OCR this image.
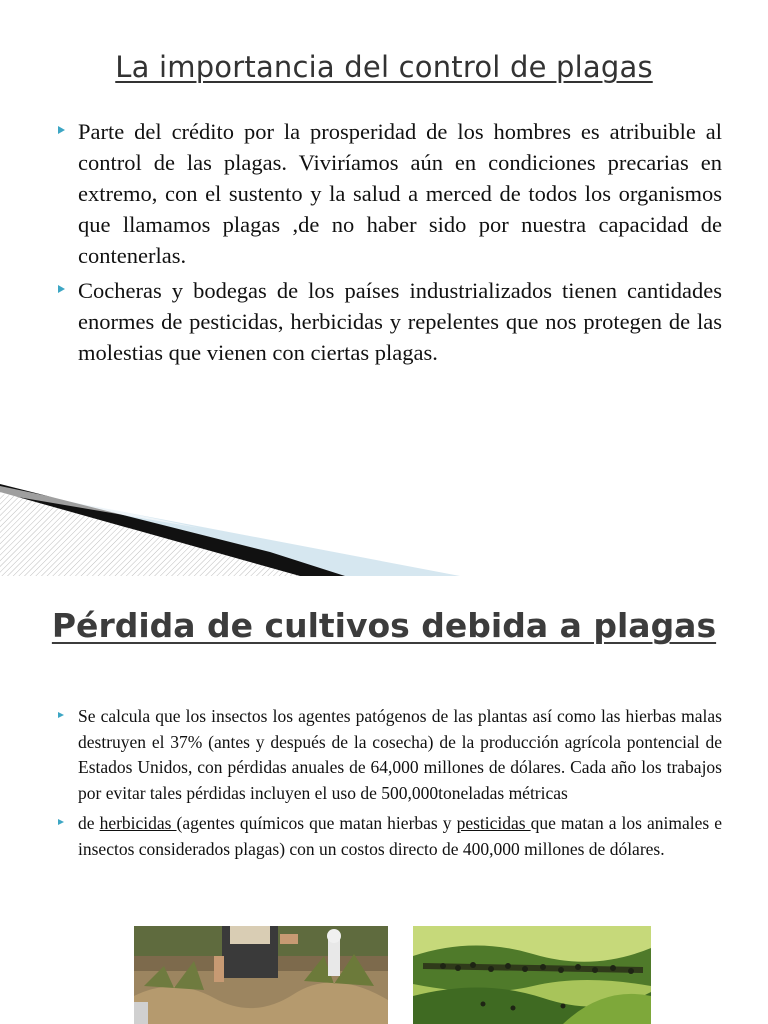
La importancia del control de plagas
Parte del crédito por la prosperidad de los hombres es atribuible al control de las plagas. Viviríamos aún en condiciones precarias en extremo, con el sustento y la salud a merced de todos los organismos que llamamos plagas ,de no haber sido por nuestra capacidad de contenerlas.
Cocheras y bodegas de los países industrializados tienen cantidades enormes de pesticidas, herbicidas y repelentes que nos protegen de las molestias que vienen con ciertas plagas.
Pérdida de cultivos debida a plagas
Se calcula que los insectos los agentes patógenos de las plantas así como las hierbas malas destruyen el 37% (antes y después de la cosecha) de la producción agrícola pontencial de Estados Unidos, con pérdidas anuales de 64,000 millones de dólares. Cada año los trabajos por evitar tales pérdidas incluyen el uso de 500,000toneladas métricas
de herbicidas (agentes químicos que matan hierbas y pesticidas que matan a los animales e insectos considerados plagas) con un costos directo de 400,000 millones de dólares.
